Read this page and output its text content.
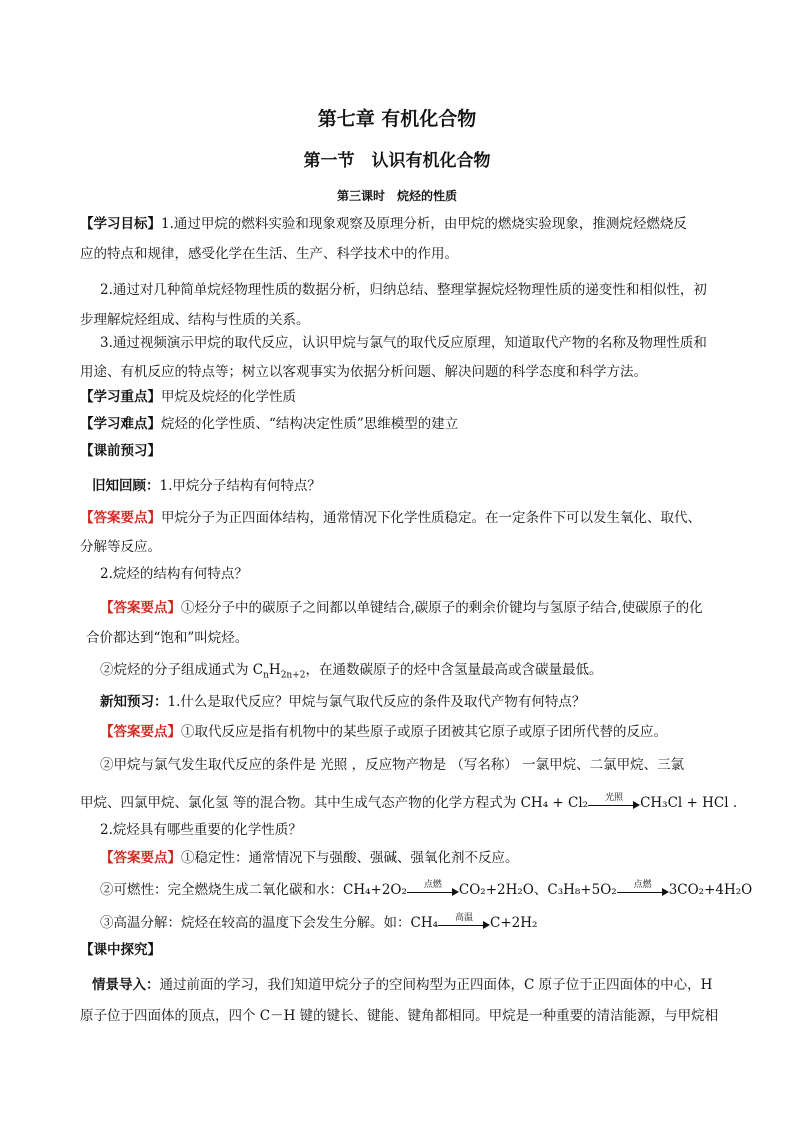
第七章 有机化合物
第一节　认识有机化合物
第三课时　烷烃的性质
【学习目标】1.通过甲烷的燃料实验和现象观察及原理分析，由甲烷的燃烧实验现象，推测烷烃燃烧反
应的特点和规律，感受化学在生活、生产、科学技术中的作用。
2.通过对几种简单烷烃物理性质的数据分析，归纳总结、整理掌握烷烃物理性质的递变性和相似性，初
步理解烷烃组成、结构与性质的关系。
3.通过视频演示甲烷的取代反应，认识甲烷与氯气的取代反应原理，知道取代产物的名称及物理性质和
用途、有机反应的特点等；树立以客观事实为依据分析问题、解决问题的科学态度和科学方法。
【学习重点】甲烷及烷烃的化学性质
【学习难点】烷烃的化学性质、“结构决定性质”思维模型的建立
【课前预习】
旧知回顾：1.甲烷分子结构有何特点？
【答案要点】甲烷分子为正四面体结构，通常情况下化学性质稳定。在一定条件下可以发生氧化、取代、
分解等反应。
2.烷烃的结构有何特点？
【答案要点】①烃分子中的碳原子之间都以单键结合,碳原子的剩余价键均与氢原子结合,使碳原子的化
合价都达到“饱和”叫烷烃。
②烷烃的分子组成通式为 $C_nH_{2n+2}$，在通数碳原子的烃中含氢量最高或含碳量最低。
新知预习：1.什么是取代反应？甲烷与氯气取代反应的条件及取代产物有何特点？
【答案要点】①取代反应是指有机物中的某些原子或原子团被其它原子或原子团所代替的反应。
②甲烷与氯气发生取代反应的条件是 光照 ，反应物产物是 （写名称） 一氯甲烷、二氯甲烷、三氯
甲烷、四氯甲烷、氯化氢 等的混合物。其中生成气态产物的化学方程式为 CH₄ + Cl₂	光照	CH₃Cl + HCl .
2.烷烃具有哪些重要的化学性质？
【答案要点】①稳定性：通常情况下与强酸、强碱、强氧化剂不反应。
②可燃性：完全燃烧生成二氧化碳和水：CH₄+2O₂	点燃	CO₂+2H₂O、C₃H₈+5O₂	点燃	3CO₂+4H₂O
③高温分解：烷烃在较高的温度下会发生分解。如：CH₄	高温	C+2H₂
【课中探究】
情景导入：通过前面的学习，我们知道甲烷分子的空间构型为正四面体，C 原子位于正四面体的中心，H
原子位于四面体的顶点，四个 C－H 键的键长、键能、键角都相同。甲烷是一种重要的清洁能源，与甲烷相
